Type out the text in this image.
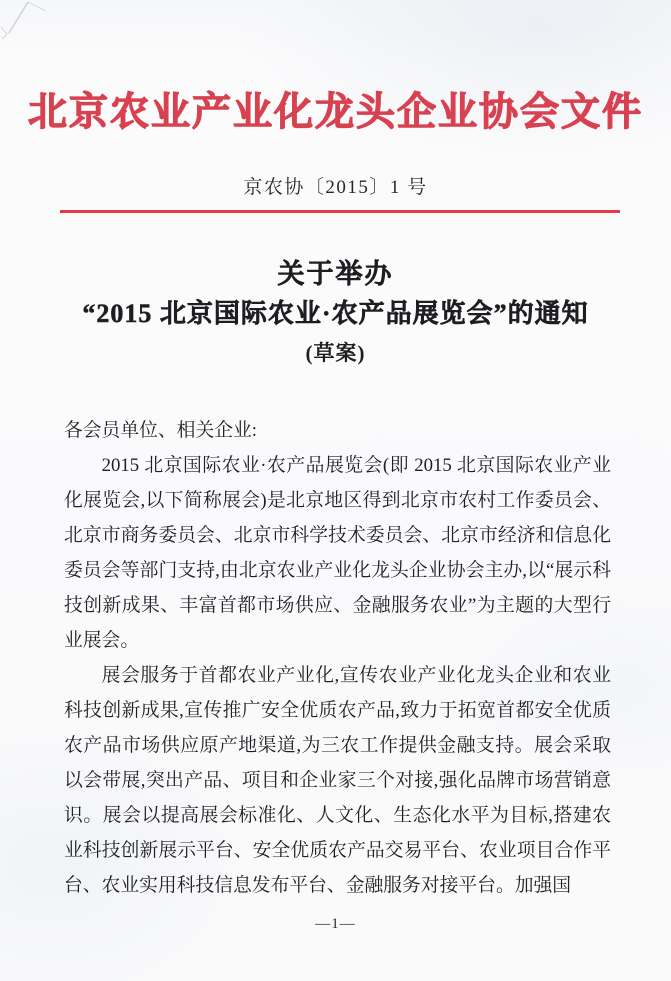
北京农业产业化龙头企业协会文件
京农协〔2015〕1 号
关于举办
“2015 北京国际农业·农产品展览会”的通知
(草案)

各会员单位、相关企业:

2015 北京国际农业·农产品展览会(即 2015 北京国际农业产业化展览会,以下简称展会)是北京地区得到北京市农村工作委员会、北京市商务委员会、北京市科学技术委员会、北京市经济和信息化委员会等部门支持,由北京农业产业化龙头企业协会主办,以“展示科技创新成果、丰富首都市场供应、金融服务农业”为主题的大型行业展会。

展会服务于首都农业产业化,宣传农业产业化龙头企业和农业科技创新成果,宣传推广安全优质农产品,致力于拓宽首都安全优质农产品市场供应原产地渠道,为三农工作提供金融支持。展会采取以会带展,突出产品、项目和企业家三个对接,强化品牌市场营销意识。展会以提高展会标准化、人文化、生态化水平为目标,搭建农业科技创新展示平台、安全优质农产品交易平台、农业项目合作平台、农业实用科技信息发布平台、金融服务对接平台。加强国

—1—
